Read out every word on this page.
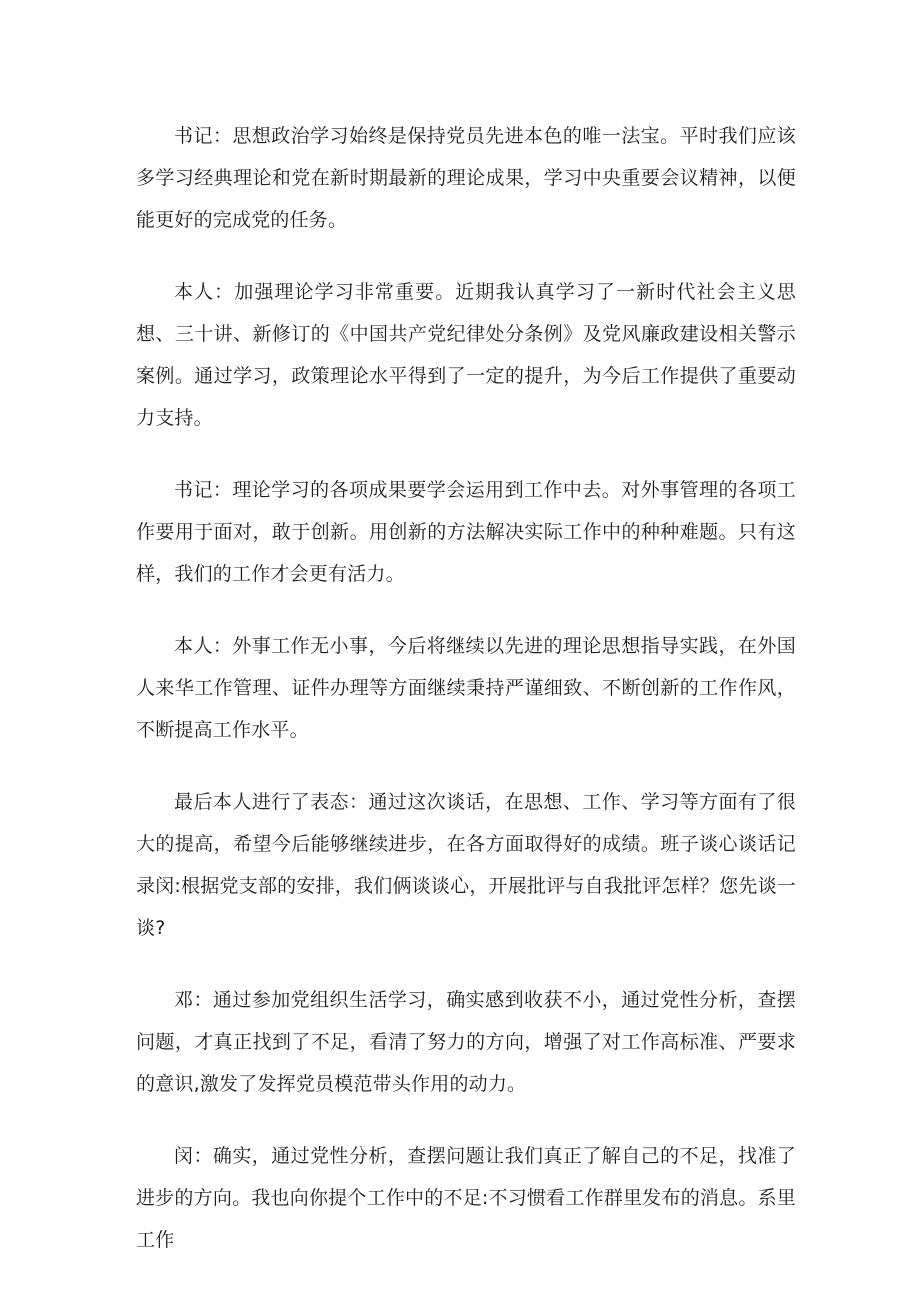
书记：思想政治学习始终是保持党员先进本色的唯一法宝。平时我们应该多学习经典理论和党在新时期最新的理论成果，学习中央重要会议精神，以便能更好的完成党的任务。

本人：加强理论学习非常重要。近期我认真学习了一新时代社会主义思想、三十讲、新修订的《中国共产党纪律处分条例》及党风廉政建设相关警示案例。通过学习，政策理论水平得到了一定的提升，为今后工作提供了重要动力支持。

书记：理论学习的各项成果要学会运用到工作中去。对外事管理的各项工作要用于面对，敢于创新。用创新的方法解决实际工作中的种种难题。只有这样，我们的工作才会更有活力。

本人：外事工作无小事，今后将继续以先进的理论思想指导实践，在外国人来华工作管理、证件办理等方面继续秉持严谨细致、不断创新的工作作风，不断提高工作水平。

最后本人进行了表态：通过这次谈话，在思想、工作、学习等方面有了很大的提高，希望今后能够继续进步，在各方面取得好的成绩。班子谈心谈话记录闵:根据党支部的安排，我们俩谈谈心，开展批评与自我批评怎样？您先谈一谈?

邓：通过参加党组织生活学习，确实感到收获不小，通过党性分析，查摆问题，才真正找到了不足，看清了努力的方向，增强了对工作高标准、严要求的意识,激发了发挥党员模范带头作用的动力。

闵：确实，通过党性分析，查摆问题让我们真正了解自己的不足，找准了进步的方向。我也向你提个工作中的不足:不习惯看工作群里发布的消息。系里工作
